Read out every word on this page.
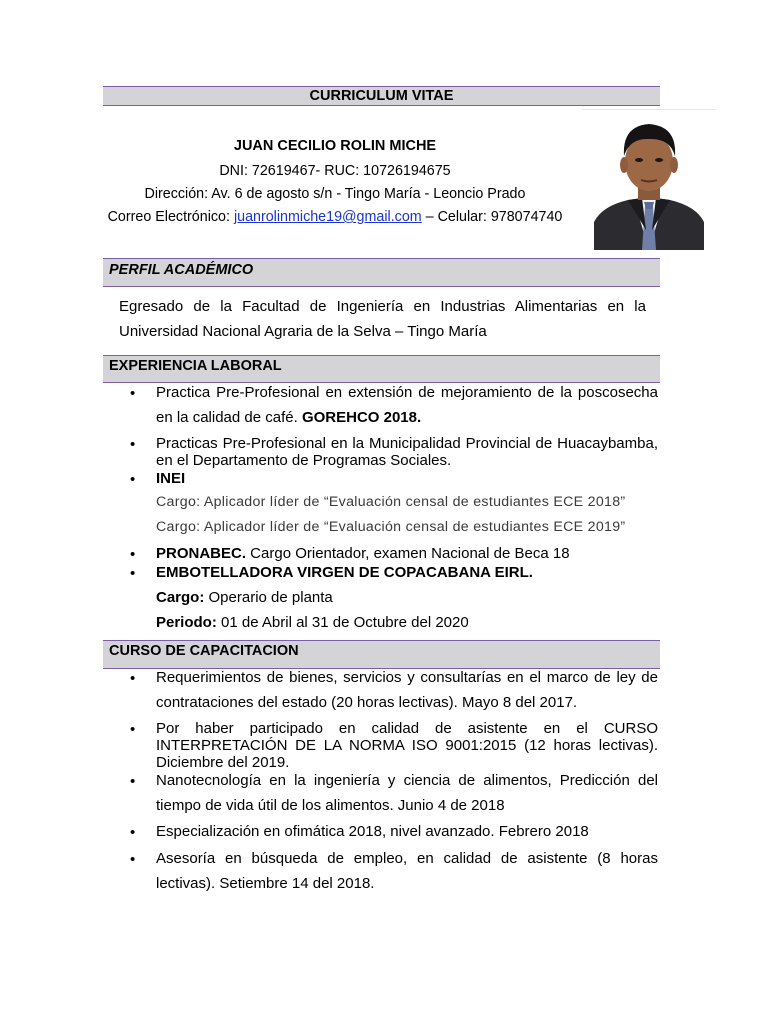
CURRICULUM VITAE
JUAN CECILIO ROLIN MICHE
DNI: 72619467- RUC: 10726194675
Dirección: Av. 6 de agosto s/n - Tingo María - Leoncio Prado
Correo Electrónico: juanrolinmiche19@gmail.com – Celular: 978074740
PERFIL ACADÉMICO
Egresado de la Facultad de Ingeniería en Industrias Alimentarias en la Universidad Nacional Agraria de la Selva – Tingo María
EXPERIENCIA LABORAL
• Practica Pre-Profesional en extensión de mejoramiento de la poscosecha en la calidad de café. GOREHCO 2018.
• Practicas Pre-Profesional en la Municipalidad Provincial de Huacaybamba, en el Departamento de Programas Sociales.
• INEI
Cargo: Aplicador líder de “Evaluación censal de estudiantes ECE 2018”
Cargo: Aplicador líder de “Evaluación censal de estudiantes ECE 2019”
• PRONABEC. Cargo Orientador, examen Nacional de Beca 18
• EMBOTELLADORA VIRGEN DE COPACABANA EIRL.
Cargo: Operario de planta
Periodo: 01 de Abril al 31 de Octubre del 2020
CURSO DE CAPACITACION
• Requerimientos de bienes, servicios y consultarías en el marco de ley de contrataciones del estado (20 horas lectivas). Mayo 8 del 2017.
• Por haber participado en calidad de asistente en el CURSO INTERPRETACIÓN DE LA NORMA ISO 9001:2015 (12 horas lectivas). Diciembre del 2019.
• Nanotecnología en la ingeniería y ciencia de alimentos, Predicción del tiempo de vida útil de los alimentos. Junio 4 de 2018
• Especialización en ofimática 2018, nivel avanzado. Febrero 2018
• Asesoría en búsqueda de empleo, en calidad de asistente (8 horas lectivas). Setiembre 14 del 2018.
